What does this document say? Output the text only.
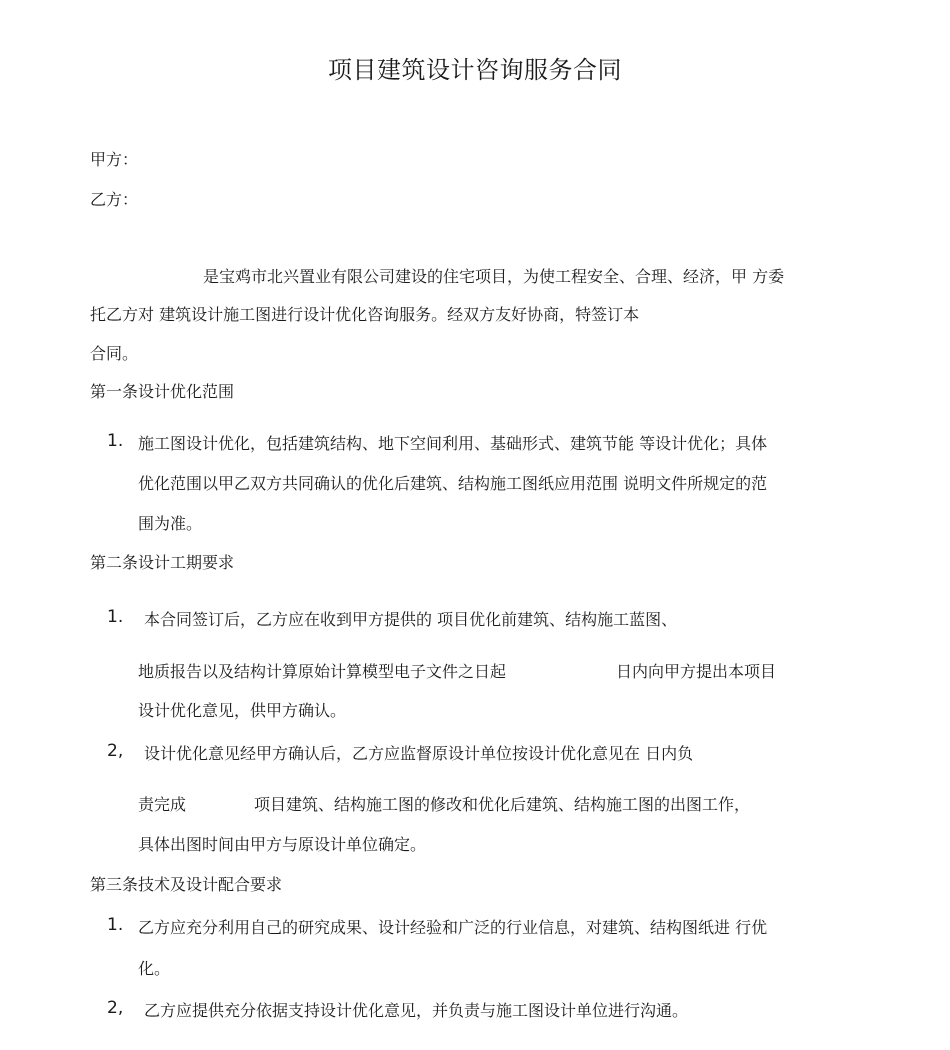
项目建筑设计咨询服务合同
甲方：
乙方：
是宝鸡市北兴置业有限公司建设的住宅项目，为使工程安全、合理、经济，甲 方委
托乙方对 建筑设计施工图进行设计优化咨询服务。经双方友好协商，特签订本
合同。
第一条设计优化范围
1. 施工图设计优化，包括建筑结构、地下空间利用、基础形式、建筑节能 等设计优化；具体
优化范围以甲乙双方共同确认的优化后建筑、结构施工图纸应用范围 说明文件所规定的范
围为准。
第二条设计工期要求
1. 本合同签订后，乙方应在收到甲方提供的 项目优化前建筑、结构施工蓝图、
地质报告以及结构计算原始计算模型电子文件之日起	日内向甲方提出本项目
设计优化意见，供甲方确认。
2, 设计优化意见经甲方确认后，乙方应监督原设计单位按设计优化意见在 日内负
责完成	项目建筑、结构施工图的修改和优化后建筑、结构施工图的出图工作，
具体出图时间由甲方与原设计单位确定。
第三条技术及设计配合要求
1. 乙方应充分利用自己的研究成果、设计经验和广泛的行业信息，对建筑、结构图纸进 行优
化。
2, 乙方应提供充分依据支持设计优化意见，并负责与施工图设计单位进行沟通。
